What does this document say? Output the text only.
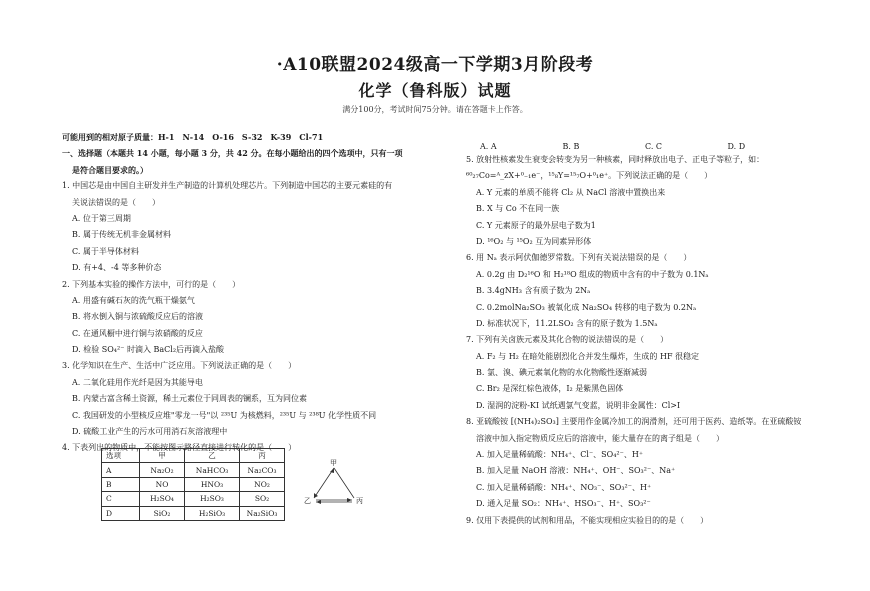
·A10联盟2024级高一下学期3月阶段考
化学（鲁科版）试题
满分100分，考试时间75分钟。请在答题卡上作答。
可能用到的相对原子质量：H-1　N-14　O-16　S-32　K-39　Cl-71
一、选择题（本题共 14 小题，每小题 3 分，共 42 分。在每小题给出的四个选项中，只有一项
是符合题目要求的。）
1. 中国芯是由中国自主研发并生产制造的计算机处理芯片。下列制造中国芯的主要元素硅的有
关说法错误的是（　　）
A. 位于第三周期
B. 属于传统无机非金属材料
C. 属于半导体材料
D. 有+4、-4 等多种价态
2. 下列基本实验的操作方法中，可行的是（　　）
A. 用盛有碱石灰的洗气瓶干燥氨气
B. 将水倒入铜与浓硫酸反应后的溶液
C. 在通风橱中进行铜与浓硝酸的反应
D. 检验 SO₄²⁻ 时滴入 BaCl₂后再滴入盐酸
3. 化学知识在生产、生活中广泛应用。下列说法正确的是（　　）
A. 二氧化硅用作光纤是因为其能导电
B. 内蒙古富含稀土资源，稀土元素位于同周表的镧系，互为同位素
C. 我国研发的小型核反应堆"零龙一号"以 ²³⁵U 为核燃料，²³⁵U 与 ²³⁸U 化学性质不同
D. 硫酸工业产生的污水可用消石灰溶液理中
4. 下表列出的物质中，不能按图示路径直接进行转化的是（　　）
选项	甲	乙	丙
A	Na₂O₂	NaHCO₃	Na₂CO₃
B	NO	HNO₃	NO₂
C	H₂SO₄	H₂SO₃	SO₂
D	SiO₂	H₂SiO₃	Na₂SiO₃
甲
乙	丙
A. A	B. B	C. C	D. D
5. 放射性核素发生衰变会转变为另一种核素，同时释放出电子、正电子等粒子，如：
⁶⁰₂₇Co=ᴬ_zX+⁰₋₁e⁻，¹⁵₈Y=¹⁵₇O+⁰₁e⁺。下列说法正确的是（　　）
A. Y 元素的单质不能将 Cl₂ 从 NaCl 溶液中置换出来
B. X 与 Co 不在同一族
C. Y 元素原子的最外层电子数为1
D. ¹⁶O₂ 与 ¹⁵O₂ 互为同素异形体
6. 用 Nₐ 表示阿伏伽德罗常数。下列有关说法错误的是（　　）
A. 0.2g 由 D₂¹⁶O 和 H₂¹⁸O 组成的物质中含有的中子数为 0.1Nₐ
B. 3.4gNH₃ 含有质子数为 2Nₐ
C. 0.2molNa₂SO₃ 被氧化成 Na₂SO₄ 转移的电子数为 0.2Nₐ
D. 标准状况下，11.2LSO₂ 含有的原子数为 1.5Nₐ
7. 下列有关卤族元素及其化合物的说法错误的是（　　）
A. F₂ 与 H₂ 在暗处能剧烈化合并发生爆炸，生成的 HF 很稳定
B. 氯、溴、碘元素氧化物的水化物酸性逐渐减弱
C. Br₂ 是深红棕色液体，I₂ 是紫黑色固体
D. 湿润的淀粉-KI 试纸遇氯气变蓝，说明非金属性：Cl>I
8. 亚硫酸铵 [(NH₄)₂SO₃] 主要用作金属冷加工的润滑剂，还可用于医药、造纸等。在亚硫酸铵
溶液中加入指定物质反应后的溶液中，能大量存在的离子组是（　　）
A. 加入足量稀硫酸：NH₄⁺、Cl⁻、SO₄²⁻、H⁺
B. 加入足量 NaOH 溶液：NH₄⁺、OH⁻、SO₃²⁻、Na⁺
C. 加入足量稀硝酸：NH₄⁺、NO₃⁻、SO₃²⁻、H⁺
D. 通入足量 SO₂：NH₄⁺、HSO₃⁻、H⁺、SO₃²⁻
9. 仅用下表提供的试剂和用品，不能实现相应实验目的的是（　　）
